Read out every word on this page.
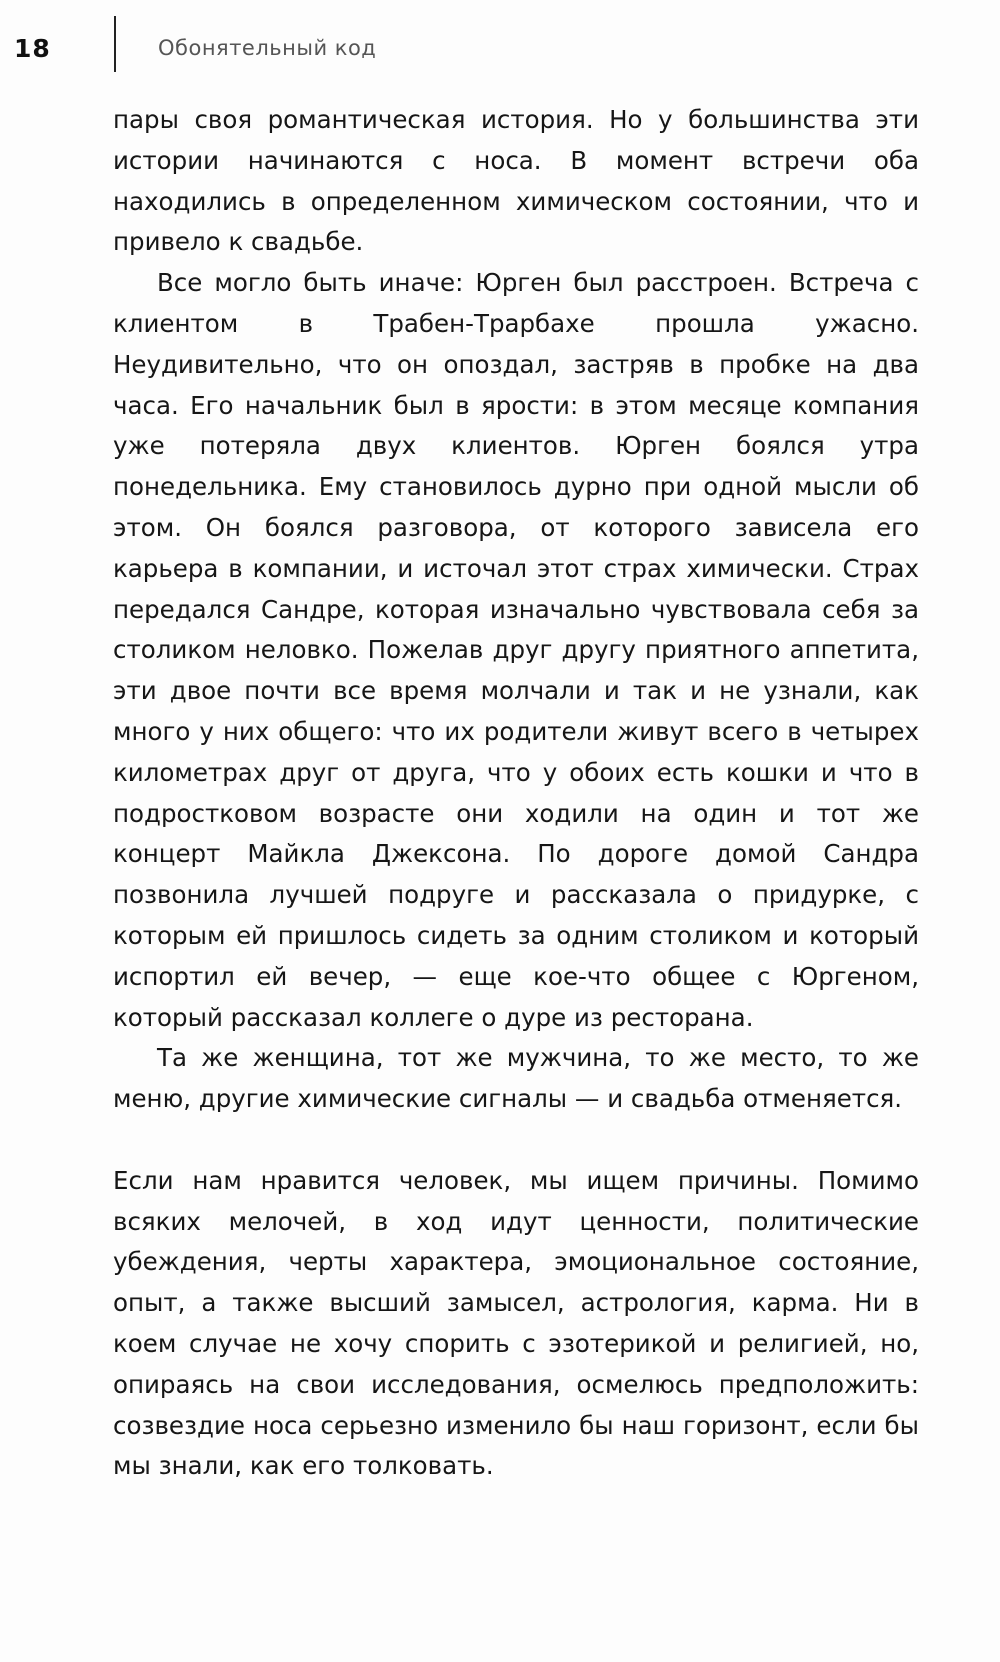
18	Обонятельный код

пары своя романтическая история. Но у большинства эти истории начинаются с носа. В момент встречи оба находились в определенном химическом состоянии, что и привело к свадьбе.

Все могло быть иначе: Юрген был расстроен. Встреча с клиентом в Трабен-Трарбахе прошла ужасно. Неудивительно, что он опоздал, застряв в пробке на два часа. Его начальник был в ярости: в этом месяце компания уже потеряла двух клиентов. Юрген боялся утра понедельника. Ему становилось дурно при одной мысли об этом. Он боялся разговора, от которого зависела его карьера в компании, и источал этот страх химически. Страх передался Сандре, которая изначально чувствовала себя за столиком неловко. Пожелав друг другу приятного аппетита, эти двое почти все время молчали и так и не узнали, как много у них общего: что их родители живут всего в четырех километрах друг от друга, что у обоих есть кошки и что в подростковом возрасте они ходили на один и тот же концерт Майкла Джексона. По дороге домой Сандра позвонила лучшей подруге и рассказала о придурке, с которым ей пришлось сидеть за одним столиком и который испортил ей вечер, — еще кое-что общее с Юргеном, который рассказал коллеге о дуре из ресторана.

Та же женщина, тот же мужчина, то же место, то же меню, другие химические сигналы — и свадьба отменяется.

Если нам нравится человек, мы ищем причины. Помимо всяких мелочей, в ход идут ценности, политические убеждения, черты характера, эмоциональное состояние, опыт, а также высший замысел, астрология, карма. Ни в коем случае не хочу спорить с эзотерикой и религией, но, опираясь на свои исследования, осмелюсь предположить: созвездие носа серьезно изменило бы наш горизонт, если бы мы знали, как его толковать.
